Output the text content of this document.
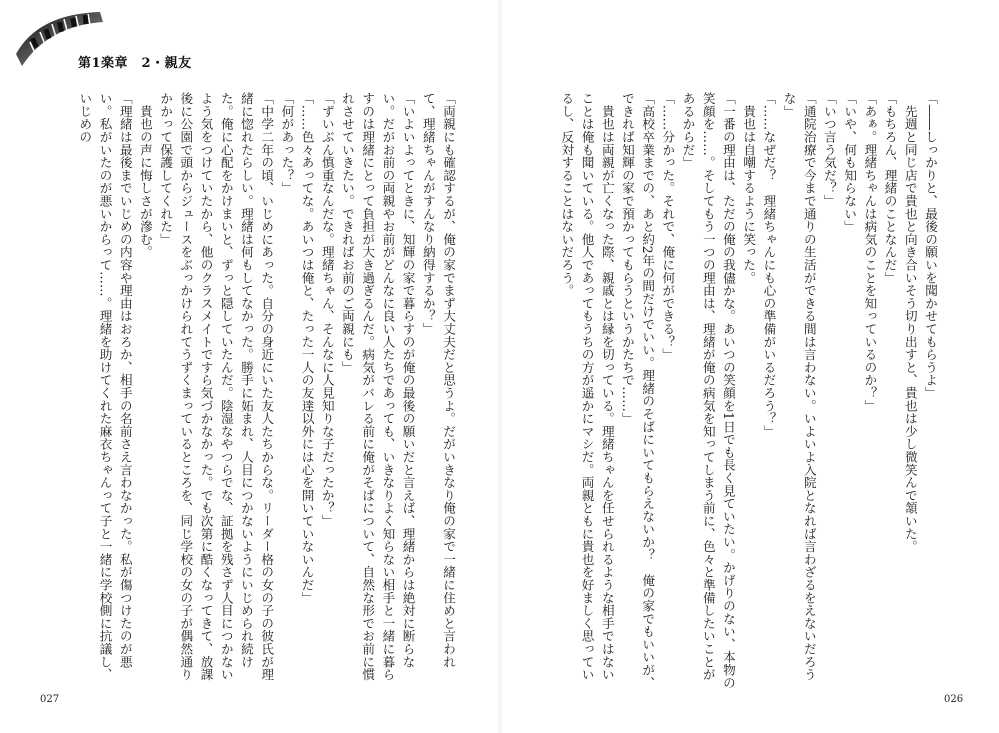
第1楽章　2・親友

「――しっかりと、最後の願いを聞かせてもらうよ」

　先週と同じ店で貴也と向き合いそう切り出すと、貴也は少し微笑んで頷いた。

「もちろん、理緒のことなんだ」

「あぁ。理緒ちゃんは病気のことを知っているのか？」

「いや、何も知らない」

「いつ言う気だ？」

「通院治療で今まで通りの生活ができる間は言わない。いよいよ入院となれば言わざるをえないだろうな」

「……なぜだ？　理緒ちゃんにも心の準備がいるだろう？」

　貴也は自嘲するように笑った。

「一番の理由は、ただの俺の我儘かな。あいつの笑顔を1日でも長く見ていたい。かげりのない、本物の笑顔を……。そしてもう一つの理由は、理緒が俺の病気を知ってしまう前に、色々と準備したいことがあるからだ」

「……分かった。それで、俺に何ができる？」

「高校卒業までの、あと約2年の間だけでいい。理緒のそばにいてもらえないか？　俺の家でもいいが、できれば知輝の家で預かってもらうというかたちで……」

　貴也は両親が亡くなった際、親戚とは縁を切っている。理緒ちゃんを任せられるような相手ではないことは俺も聞いている。他人であってもうちの方が遥かにマシだ。両親ともに貴也を好ましく思っているし、反対することはないだろう。

「両親にも確認するが、俺の家でまず大丈夫だと思うよ。だがいきなり俺の家で一緒に住めと言われて、理緒ちゃんがすんなり納得するか？」

「いよいよってときに、知輝の家で暮らすのが俺の最後の願いだと言えば、理緒からは絶対に断らない。だがお前の両親やお前がどんなに良い人たちであっても、いきなりよく知らない相手と一緒に暮らすのは理緒にとって負担が大き過ぎるんだ。病気がバレる前に俺がそばについて、自然な形でお前に慣れさせていきたい。できればお前のご両親にも」

「ずいぶん慎重なんだな。理緒ちゃん、そんなに人見知りな子だったか？」

「……色々あってな。あいつは俺と、たった一人の友達以外には心を開いていないんだ」

「何があった？」

「中学二年の頃、いじめにあった。自分の身近にいた友人たちからな。リーダー格の女の子の彼氏が理緒に惚れたらしい。理緒は何もしてなかった。勝手に妬まれ、人目につかないようにいじめられ続けた。俺に心配をかけまいと、ずっと隠していたんだ。陰湿なやつらでな、証拠を残さず人目につかないよう気をつけていたから、他のクラスメイトですら気づかなかった。でも次第に酷くなってきて、放課後に公園で頭からジュースをぶっかけられてうずくまっているところを、同じ学校の女の子が偶然通りかかって保護してくれた」

　貴也の声に悔しさが滲む。

「理緒は最後までいじめの内容や理由はおろか、相手の名前さえ言わなかった。私が傷つけたのが悪い。私がいたのが悪いからって……。理緒を助けてくれた麻衣ちゃんって子と一緒に学校側に抗議し、いじめの

027	026
